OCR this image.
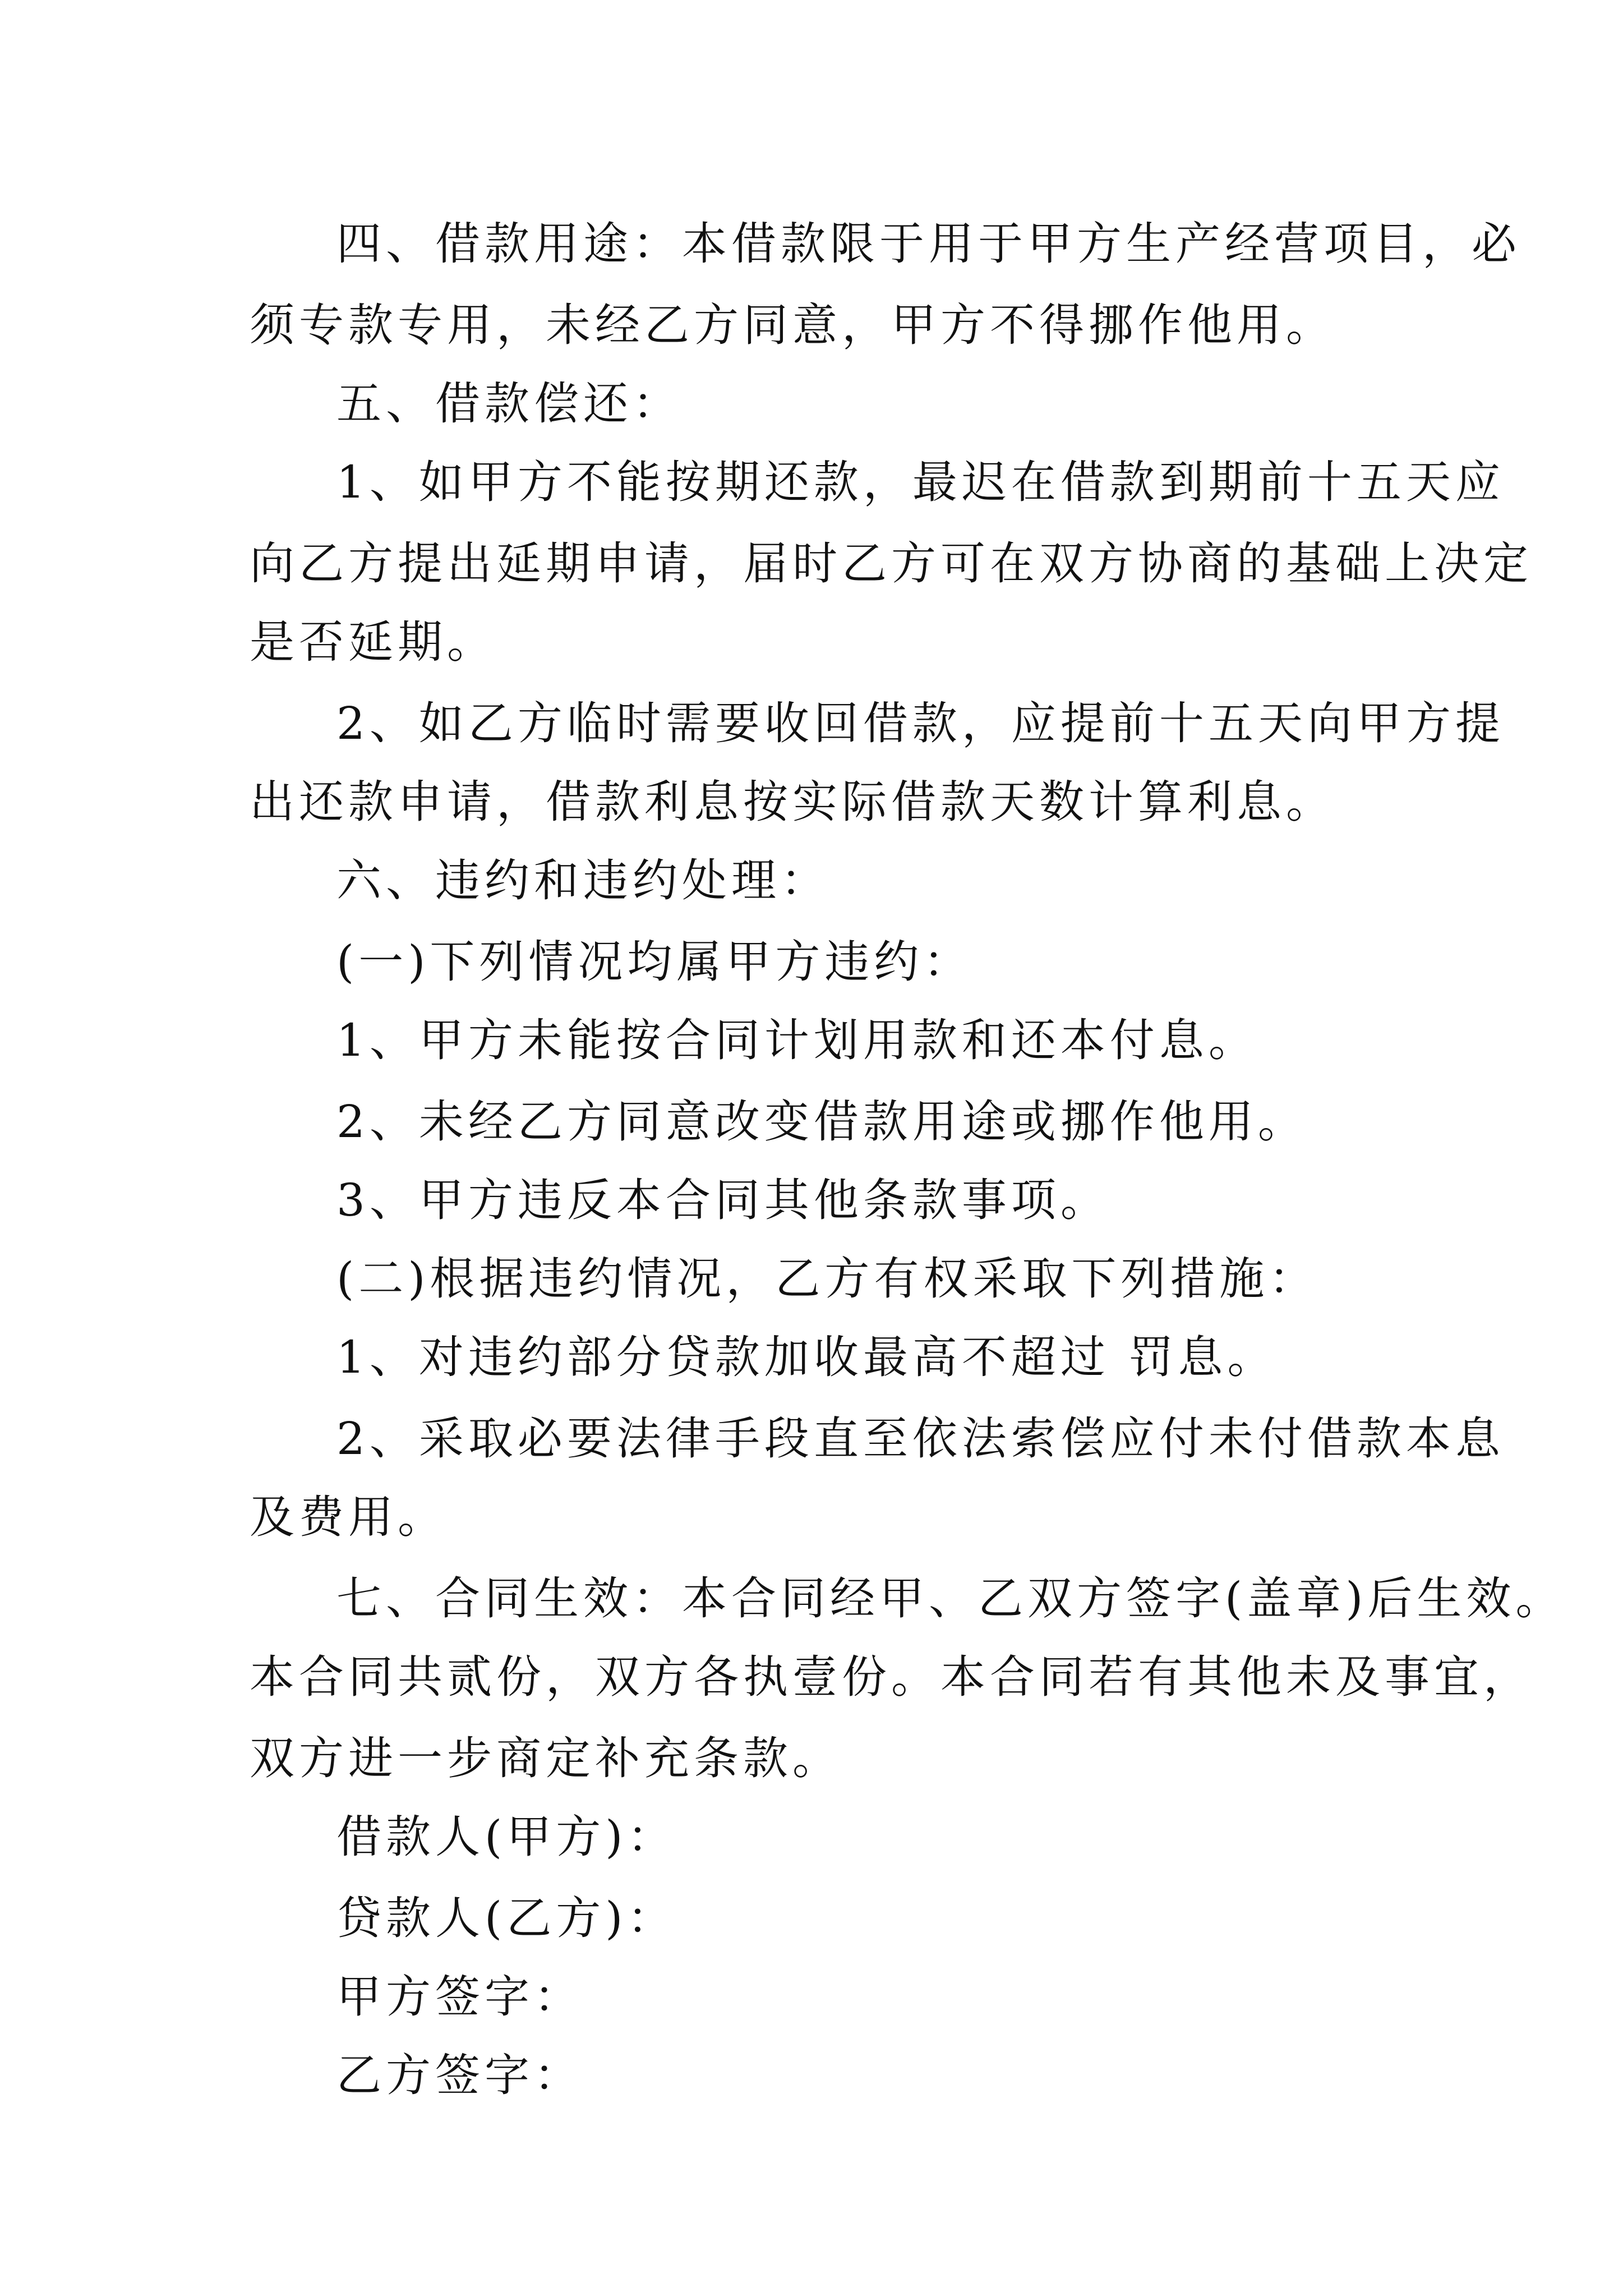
四、借款用途：本借款限于用于甲方生产经营项目，必
须专款专用，未经乙方同意，甲方不得挪作他用。
五、借款偿还：
1、如甲方不能按期还款，最迟在借款到期前十五天应
向乙方提出延期申请，届时乙方可在双方协商的基础上决定
是否延期。
2、如乙方临时需要收回借款，应提前十五天向甲方提
出还款申请，借款利息按实际借款天数计算利息。
六、违约和违约处理：
(一)下列情况均属甲方违约：
1、甲方未能按合同计划用款和还本付息。
2、未经乙方同意改变借款用途或挪作他用。
3、甲方违反本合同其他条款事项。
(二)根据违约情况，乙方有权采取下列措施：
1、对违约部分贷款加收最高不超过 罚息。
2、采取必要法律手段直至依法索偿应付未付借款本息
及费用。
七、合同生效：本合同经甲、乙双方签字(盖章)后生效。
本合同共贰份，双方各执壹份。本合同若有其他未及事宜，
双方进一步商定补充条款。
借款人(甲方)：
贷款人(乙方)：
甲方签字：
乙方签字：
